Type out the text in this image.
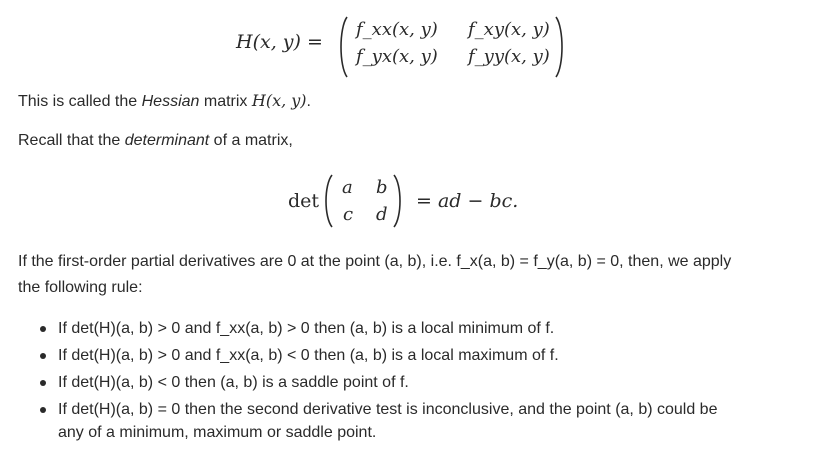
H(x, y) =
f_xx(x, y) f_xy(x, y)
f_yx(x, y) f_yy(x, y)
This is called the Hessian matrix H(x, y).
Recall that the determinant of a matrix,
det
a b
c d
= ad − bc.
If the first-order partial derivatives are 0 at the point (a, b), i.e. f_x(a, b) = f_y(a, b) = 0, then, we apply
the following rule:
If det(H)(a, b) > 0 and f_xx(a, b) > 0 then (a, b) is a local minimum of f.
If det(H)(a, b) > 0 and f_xx(a, b) < 0 then (a, b) is a local maximum of f.
If det(H)(a, b) < 0 then (a, b) is a saddle point of f.
If det(H)(a, b) = 0 then the second derivative test is inconclusive, and the point (a, b) could be
any of a minimum, maximum or saddle point.
